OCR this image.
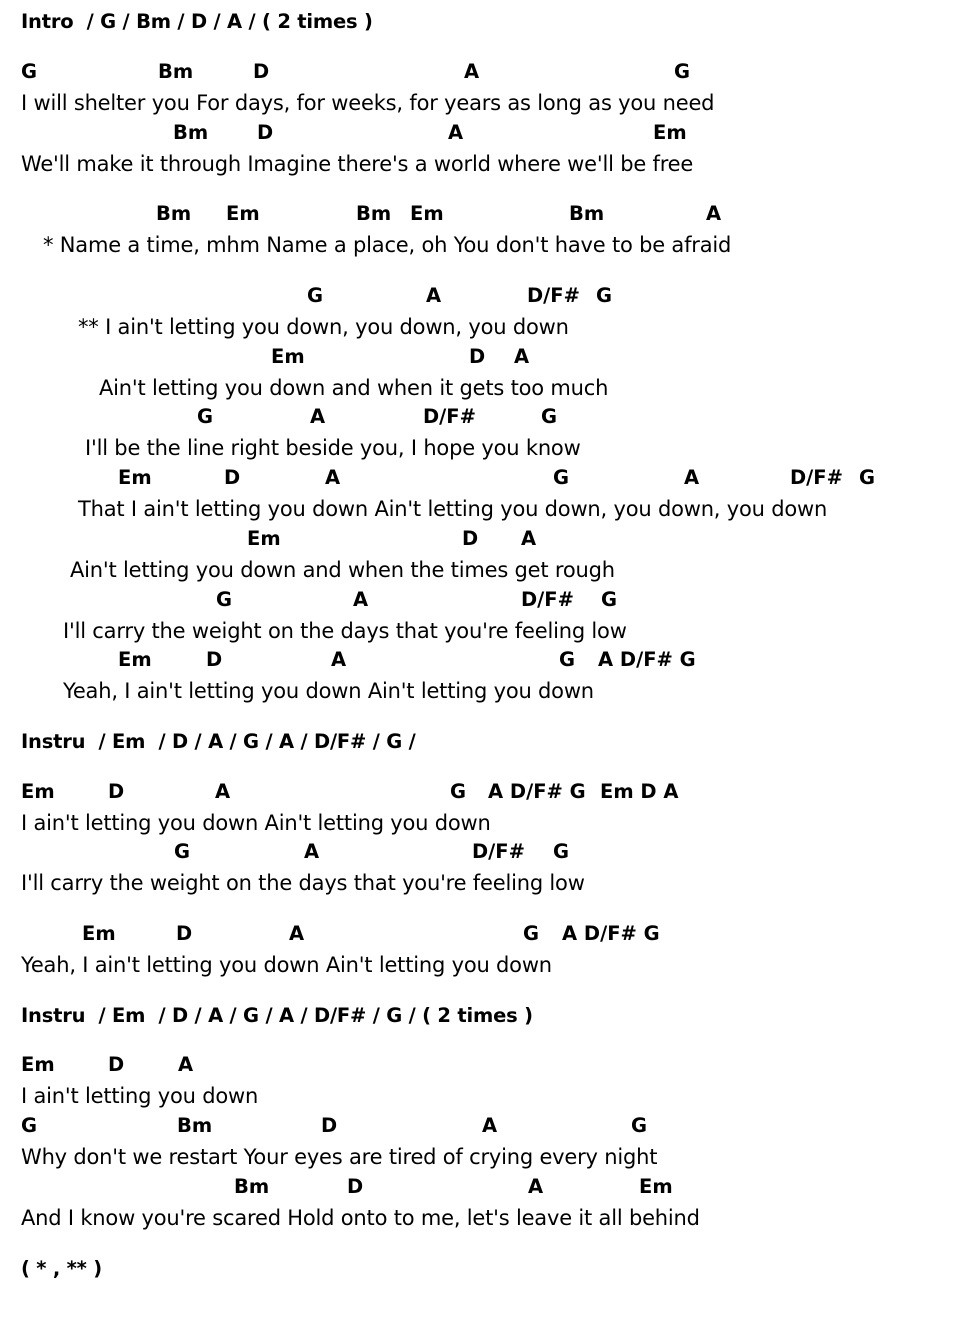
Intro  / G / Bm / D / A / ( 2 times )
G	Bm	D	A	G
I will shelter you For days, for weeks, for years as long as you need
Bm	D	A	Em
We'll make it through Imagine there's a world where we'll be free
Bm Em	Bm Em	Bm	A
* Name a time, mhm Name a place, oh You don't have to be afraid
G	A	D/F# G
** I ain't letting you down, you down, you down
Em	D A
Ain't letting you down and when it gets too much
G	A	D/F#	G
I'll be the line right beside you, I hope you know
Em	D	A	G	A	D/F# G
That I ain't letting you down Ain't letting you down, you down, you down
Em	D A
Ain't letting you down and when the times get rough
G	A	D/F# G
I'll carry the weight on the days that you're feeling low
Em	D	A	G A D/F# G
Yeah, I ain't letting you down Ain't letting you down
Instru  / Em  / D / A / G / A / D/F# / G /
Em	D	A	G A D/F# G Em D A
I ain't letting you down Ain't letting you down
G	A	D/F# G
I'll carry the weight on the days that you're feeling low
Em	D	A	G A D/F# G
Yeah, I ain't letting you down Ain't letting you down
Instru  / Em  / D / A / G / A / D/F# / G / ( 2 times )
Em	D	A
I ain't letting you down
G	Bm	D	A	G
Why don't we restart Your eyes are tired of crying every night
Bm	D	A	Em
And I know you're scared Hold onto to me, let's leave it all behind
( * , ** )
